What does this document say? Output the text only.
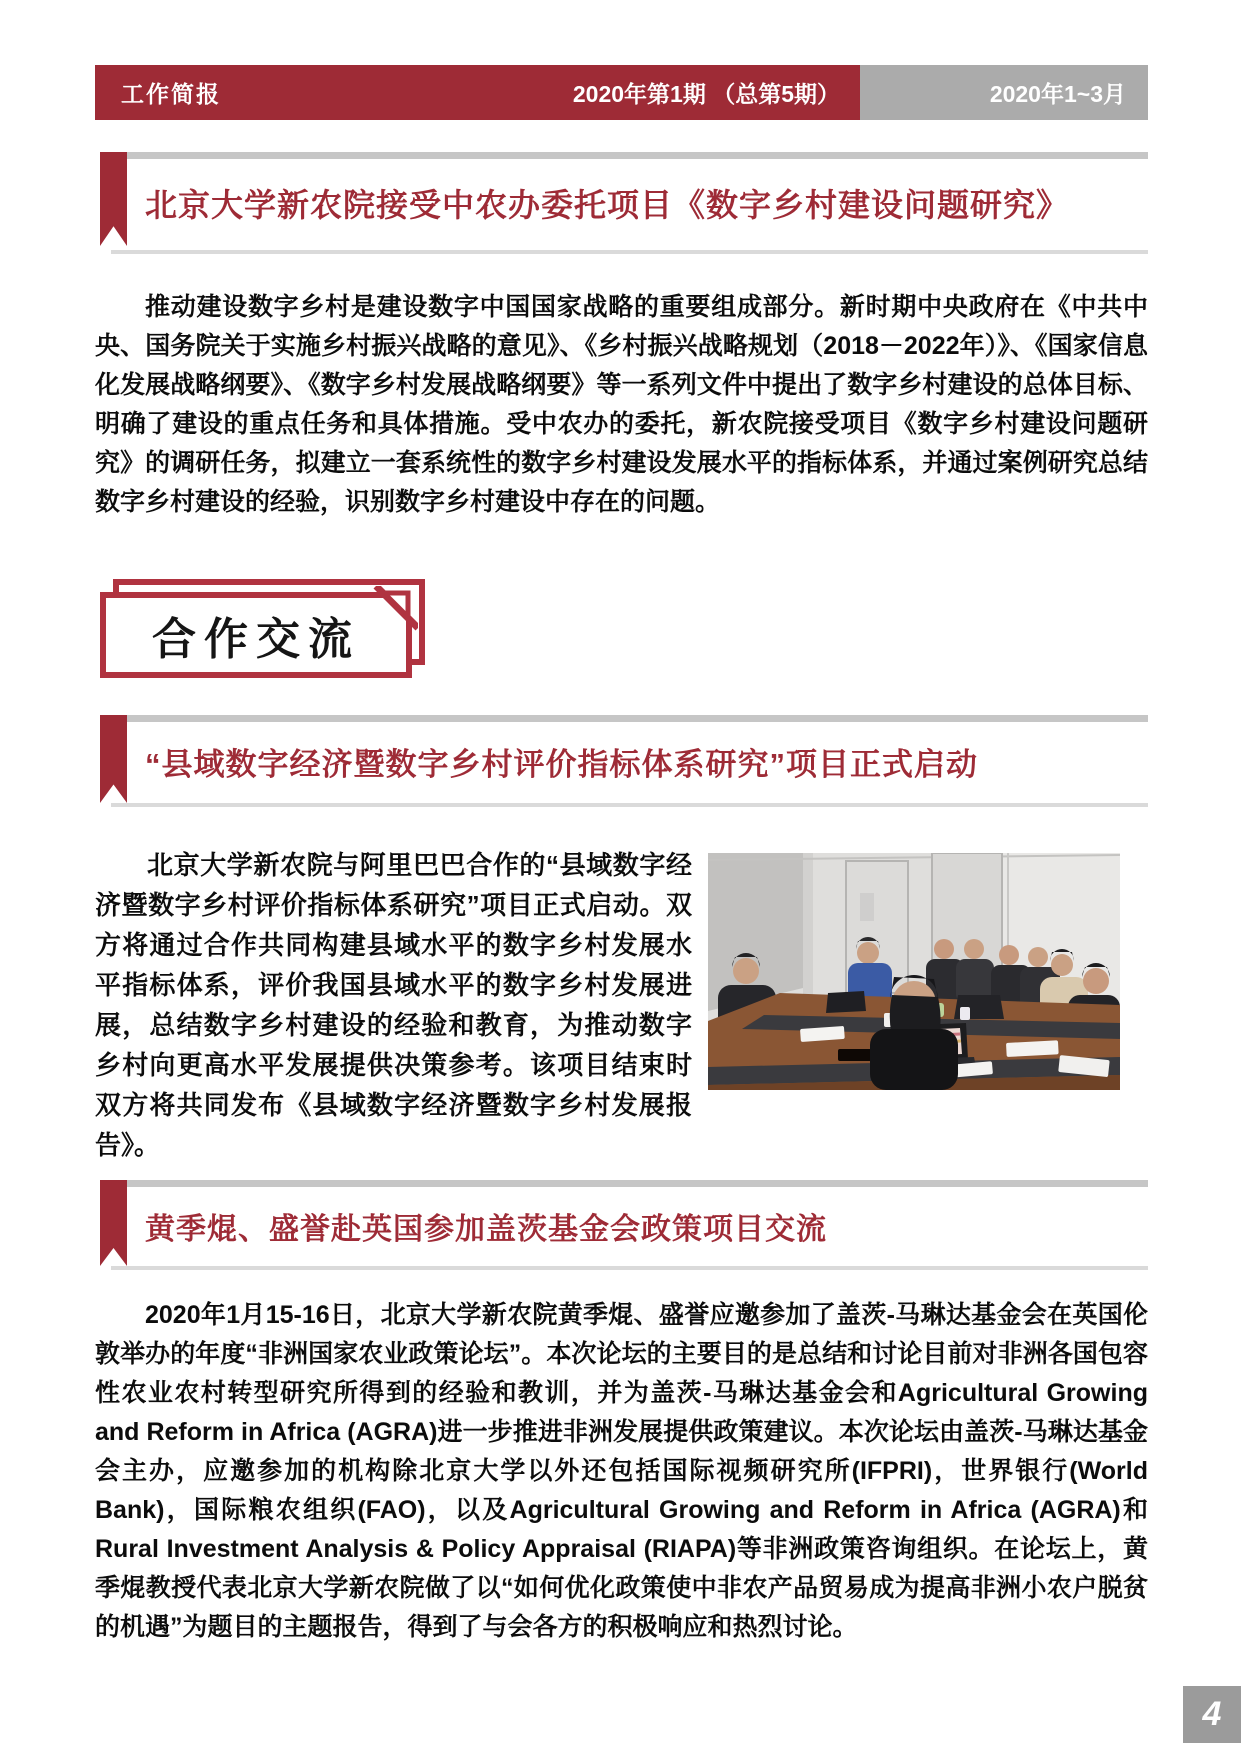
工作简报	2020年第1期 （总第5期）	2020年1~3月
北京大学新农院接受中农办委托项目《数字乡村建设问题研究》

推动建设数字乡村是建设数字中国国家战略的重要组成部分。新时期中央政府在《中共中央、国务院关于实施乡村振兴战略的意见》、《乡村振兴战略规划（2018－2022年）》、《国家信息化发展战略纲要》、《数字乡村发展战略纲要》等一系列文件中提出了数字乡村建设的总体目标、明确了建设的重点任务和具体措施。受中农办的委托，新农院接受项目《数字乡村建设问题研究》的调研任务，拟建立一套系统性的数字乡村建设发展水平的指标体系，并通过案例研究总结数字乡村建设的经验，识别数字乡村建设中存在的问题。

合作交流
“县域数字经济暨数字乡村评价指标体系研究”项目正式启动

北京大学新农院与阿里巴巴合作的“县域数字经济暨数字乡村评价指标体系研究”项目正式启动。双方将通过合作共同构建县域水平的数字乡村发展水平指标体系，评价我国县域水平的数字乡村发展进展，总结数字乡村建设的经验和教育，为推动数字乡村向更高水平发展提供决策参考。该项目结束时双方将共同发布《县域数字经济暨数字乡村发展报告》。

黄季焜、盛誉赴英国参加盖茨基金会政策项目交流

2020年1月15-16日，北京大学新农院黄季焜、盛誉应邀参加了盖茨-马琳达基金会在英国伦敦举办的年度“非洲国家农业政策论坛”。本次论坛的主要目的是总结和讨论目前对非洲各国包容性农业农村转型研究所得到的经验和教训，并为盖茨-马琳达基金会和Agricultural Growing and Reform in Africa (AGRA)进一步推进非洲发展提供政策建议。本次论坛由盖茨-马琳达基金会主办，应邀参加的机构除北京大学以外还包括国际视频研究所(IFPRI)，世界银行(World Bank)，国际粮农组织(FAO)，以及Agricultural Growing and Reform in Africa (AGRA)和Rural Investment Analysis & Policy Appraisal (RIAPA)等非洲政策咨询组织。在论坛上，黄季焜教授代表北京大学新农院做了以“如何优化政策使中非农产品贸易成为提高非洲小农户脱贫的机遇”为题目的主题报告，得到了与会各方的积极响应和热烈讨论。

4
